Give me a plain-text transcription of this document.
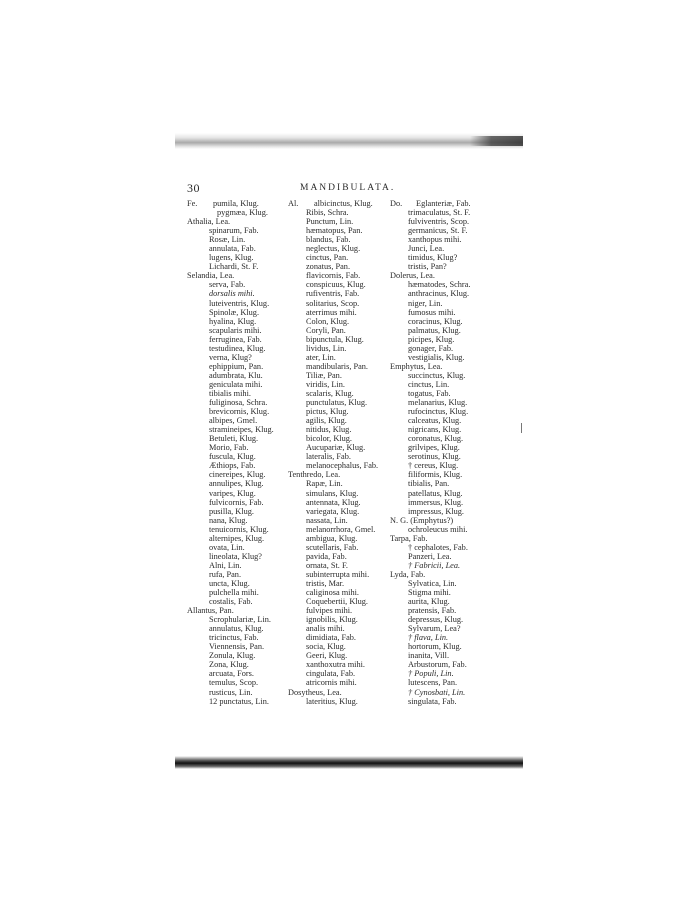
30	MANDIBULATA.
Fe.	pumila, Klug.
pygmæa, Klug.
Athalia, Lea.
spinarum, Fab.
Rosæ, Lin.
annulata, Fab.
lugens, Klug.
Lichardi, St. F.
Selandia, Lea.
serva, Fab.
dorsalis mihi.
luteiventris, Klug.
Spinolæ, Klug.
hyalina, Klug.
scapularis mihi.
ferruginea, Fab.
testudinea, Klug.
verna, Klug?
ephippium, Pan.
adumbrata, Klu.
geniculata mihi.
tibialis mihi.
fuliginosa, Schra.
brevicornis, Klug.
albipes, Gmel.
stramineipes, Klug.
Betuleti, Klug.
Morio, Fab.
fuscula, Klug.
Æthiops, Fab.
cinereipes, Klug.
annulipes, Klug.
varipes, Klug.
fulvicornis, Fab.
pusilla, Klug.
nana, Klug.
tenuicornis, Klug.
alternipes, Klug.
ovata, Lin.
lineolata, Klug?
Alni, Lin.
rufa, Pan.
uncta, Klug.
pulchella mihi.
costalis, Fab.
Allantus, Pan.
Scrophulariæ, Lin.
annulatus, Klug.
tricinctus, Fab.
Viennensis, Pan.
Zonula, Klug.
Zona, Klug.
arcuata, Fors.
temulus, Scop.
rusticus, Lin.
12 punctatus, Lin.
Al.	albicinctus, Klug.
Ribis, Schra.
Punctum, Lin.
hæmatopus, Pan.
blandus, Fab.
neglectus, Klug.
cinctus, Pan.
zonatus, Pan.
flavicornis, Fab.
conspicuus, Klug.
rufiventris, Fab.
solitarius, Scop.
aterrimus mihi.
Colon, Klug.
Coryli, Pan.
bipunctula, Klug.
lividus, Lin.
ater, Lin.
mandibularis, Pan.
Tiliæ, Pan.
viridis, Lin.
scalaris, Klug.
punctulatus, Klug.
pictus, Klug.
agilis, Klug.
nitidus, Klug.
bicolor, Klug.
Aucupariæ, Klug.
lateralis, Fab.
melanocephalus, Fab.
Tenthredo, Lea.
Rapæ, Lin.
simulans, Klug.
antennata, Klug.
variegata, Klug.
nassata, Lin.
melanorrhora, Gmel.
ambigua, Klug.
scutellaris, Fab.
pavida, Fab.
ornata, St. F.
subinterrupta mihi.
tristis, Mar.
caliginosa mihi.
Coquebertii, Klug.
fulvipes mihi.
ignobilis, Klug.
analis mihi.
dimidiata, Fab.
socia, Klug.
Geeri, Klug.
xanthoxutra mihi.
cingulata, Fab.
atricornis mihi.
Dosytheus, Lea.
lateritius, Klug.
Do.	Eglanteriæ, Fab.
trimaculatus, St. F.
fulviventris, Scop.
germanicus, St. F.
xanthopus mihi.
Junci, Lea.
timidus, Klug?
tristis, Pan?
Dolerus, Lea.
hæmatodes, Schra.
anthracinus, Klug.
niger, Lin.
fumosus mihi.
coracinus, Klug.
palmatus, Klug.
picipes, Klug.
gonager, Fab.
vestigialis, Klug.
Emphytus, Lea.
succinctus, Klug.
cinctus, Lin.
togatus, Fab.
melanarius, Klug.
rufocinctus, Klug.
calceatus, Klug.
nigricans, Klug.
coronatus, Klug.
grilvipes, Klug.
serotinus, Klug.
† cereus, Klug.
filiformis, Klug.
tibialis, Pan.
patellatus, Klug.
immersus, Klug.
impressus, Klug.
N. G. (Emphytus?)
ochroleucus mihi.
Tarpa, Fab.
† cephalotes, Fab.
Panzeri, Lea.
† Fabricii, Lea.
Lyda, Fab.
Sylvatica, Lin.
Stigma mihi.
aurita, Klug.
pratensis, Fab.
depressus, Klug.
Sylvarum, Lea?
† flava, Lin.
hortorum, Klug.
inanita, Vill.
Arbustorum, Fab.
† Populi, Lin.
lutescens, Pan.
† Cynosbati, Lin.
singulata, Fab.
